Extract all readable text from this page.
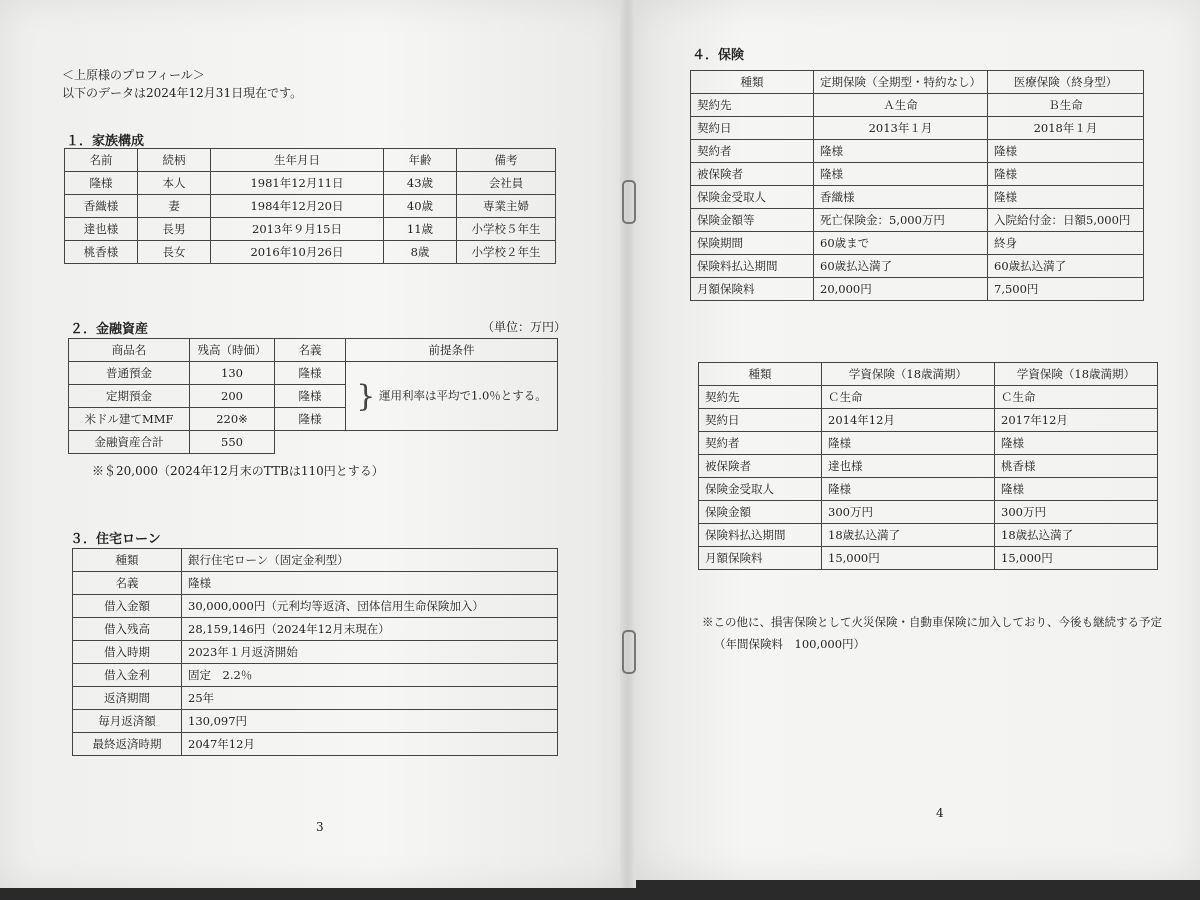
＜上原様のプロフィール＞
以下のデータは2024年12月31日現在です。
１．家族構成
名前	続柄	生年月日	年齢	備考
隆様	本人	1981年12月11日	43歳	会社員
香織様	妻	1984年12月20日	40歳	専業主婦
達也様	長男	2013年９月15日	11歳	小学校５年生
桃香様	長女	2016年10月26日	8歳	小学校２年生
２．金融資産	（単位：万円）
商品名	残高（時価）	名義	前提条件
普通預金	130	隆様	} 運用利率は平均で1.0％とする。
定期預金	200	隆様	
米ドル建てMMF	220※	隆様	
金融資産合計	550		
※＄20,000（2024年12月末のTTBは110円とする）
３．住宅ローン
種類	銀行住宅ローン（固定金利型）
名義	隆様
借入金額	30,000,000円（元利均等返済、団体信用生命保険加入）
借入残高	28,159,146円（2024年12月末現在）
借入時期	2023年１月返済開始
借入金利	固定　2.2％
返済期間	25年
毎月返済額	130,097円
最終返済時期	2047年12月
3
４．保険
種類	定期保険（全期型・特約なし）	医療保険（終身型）
契約先	Ａ生命	Ｂ生命
契約日	2013年１月	2018年１月
契約者	隆様	隆様
被保険者	隆様	隆様
保険金受取人	香織様	隆様
保険金額等	死亡保険金：5,000万円	入院給付金：日額5,000円
保険期間	60歳まで	終身
保険料払込期間	60歳払込満了	60歳払込満了
月額保険料	20,000円	7,500円
種類	学資保険（18歳満期）	学資保険（18歳満期）
契約先	Ｃ生命	Ｃ生命
契約日	2014年12月	2017年12月
契約者	隆様	隆様
被保険者	達也様	桃香様
保険金受取人	隆様	隆様
保険金額	300万円	300万円
保険料払込期間	18歳払込満了	18歳払込満了
月額保険料	15,000円	15,000円
※この他に、損害保険として火災保険・自動車保険に加入しており、今後も継続する予定
（年間保険料　100,000円）
4
